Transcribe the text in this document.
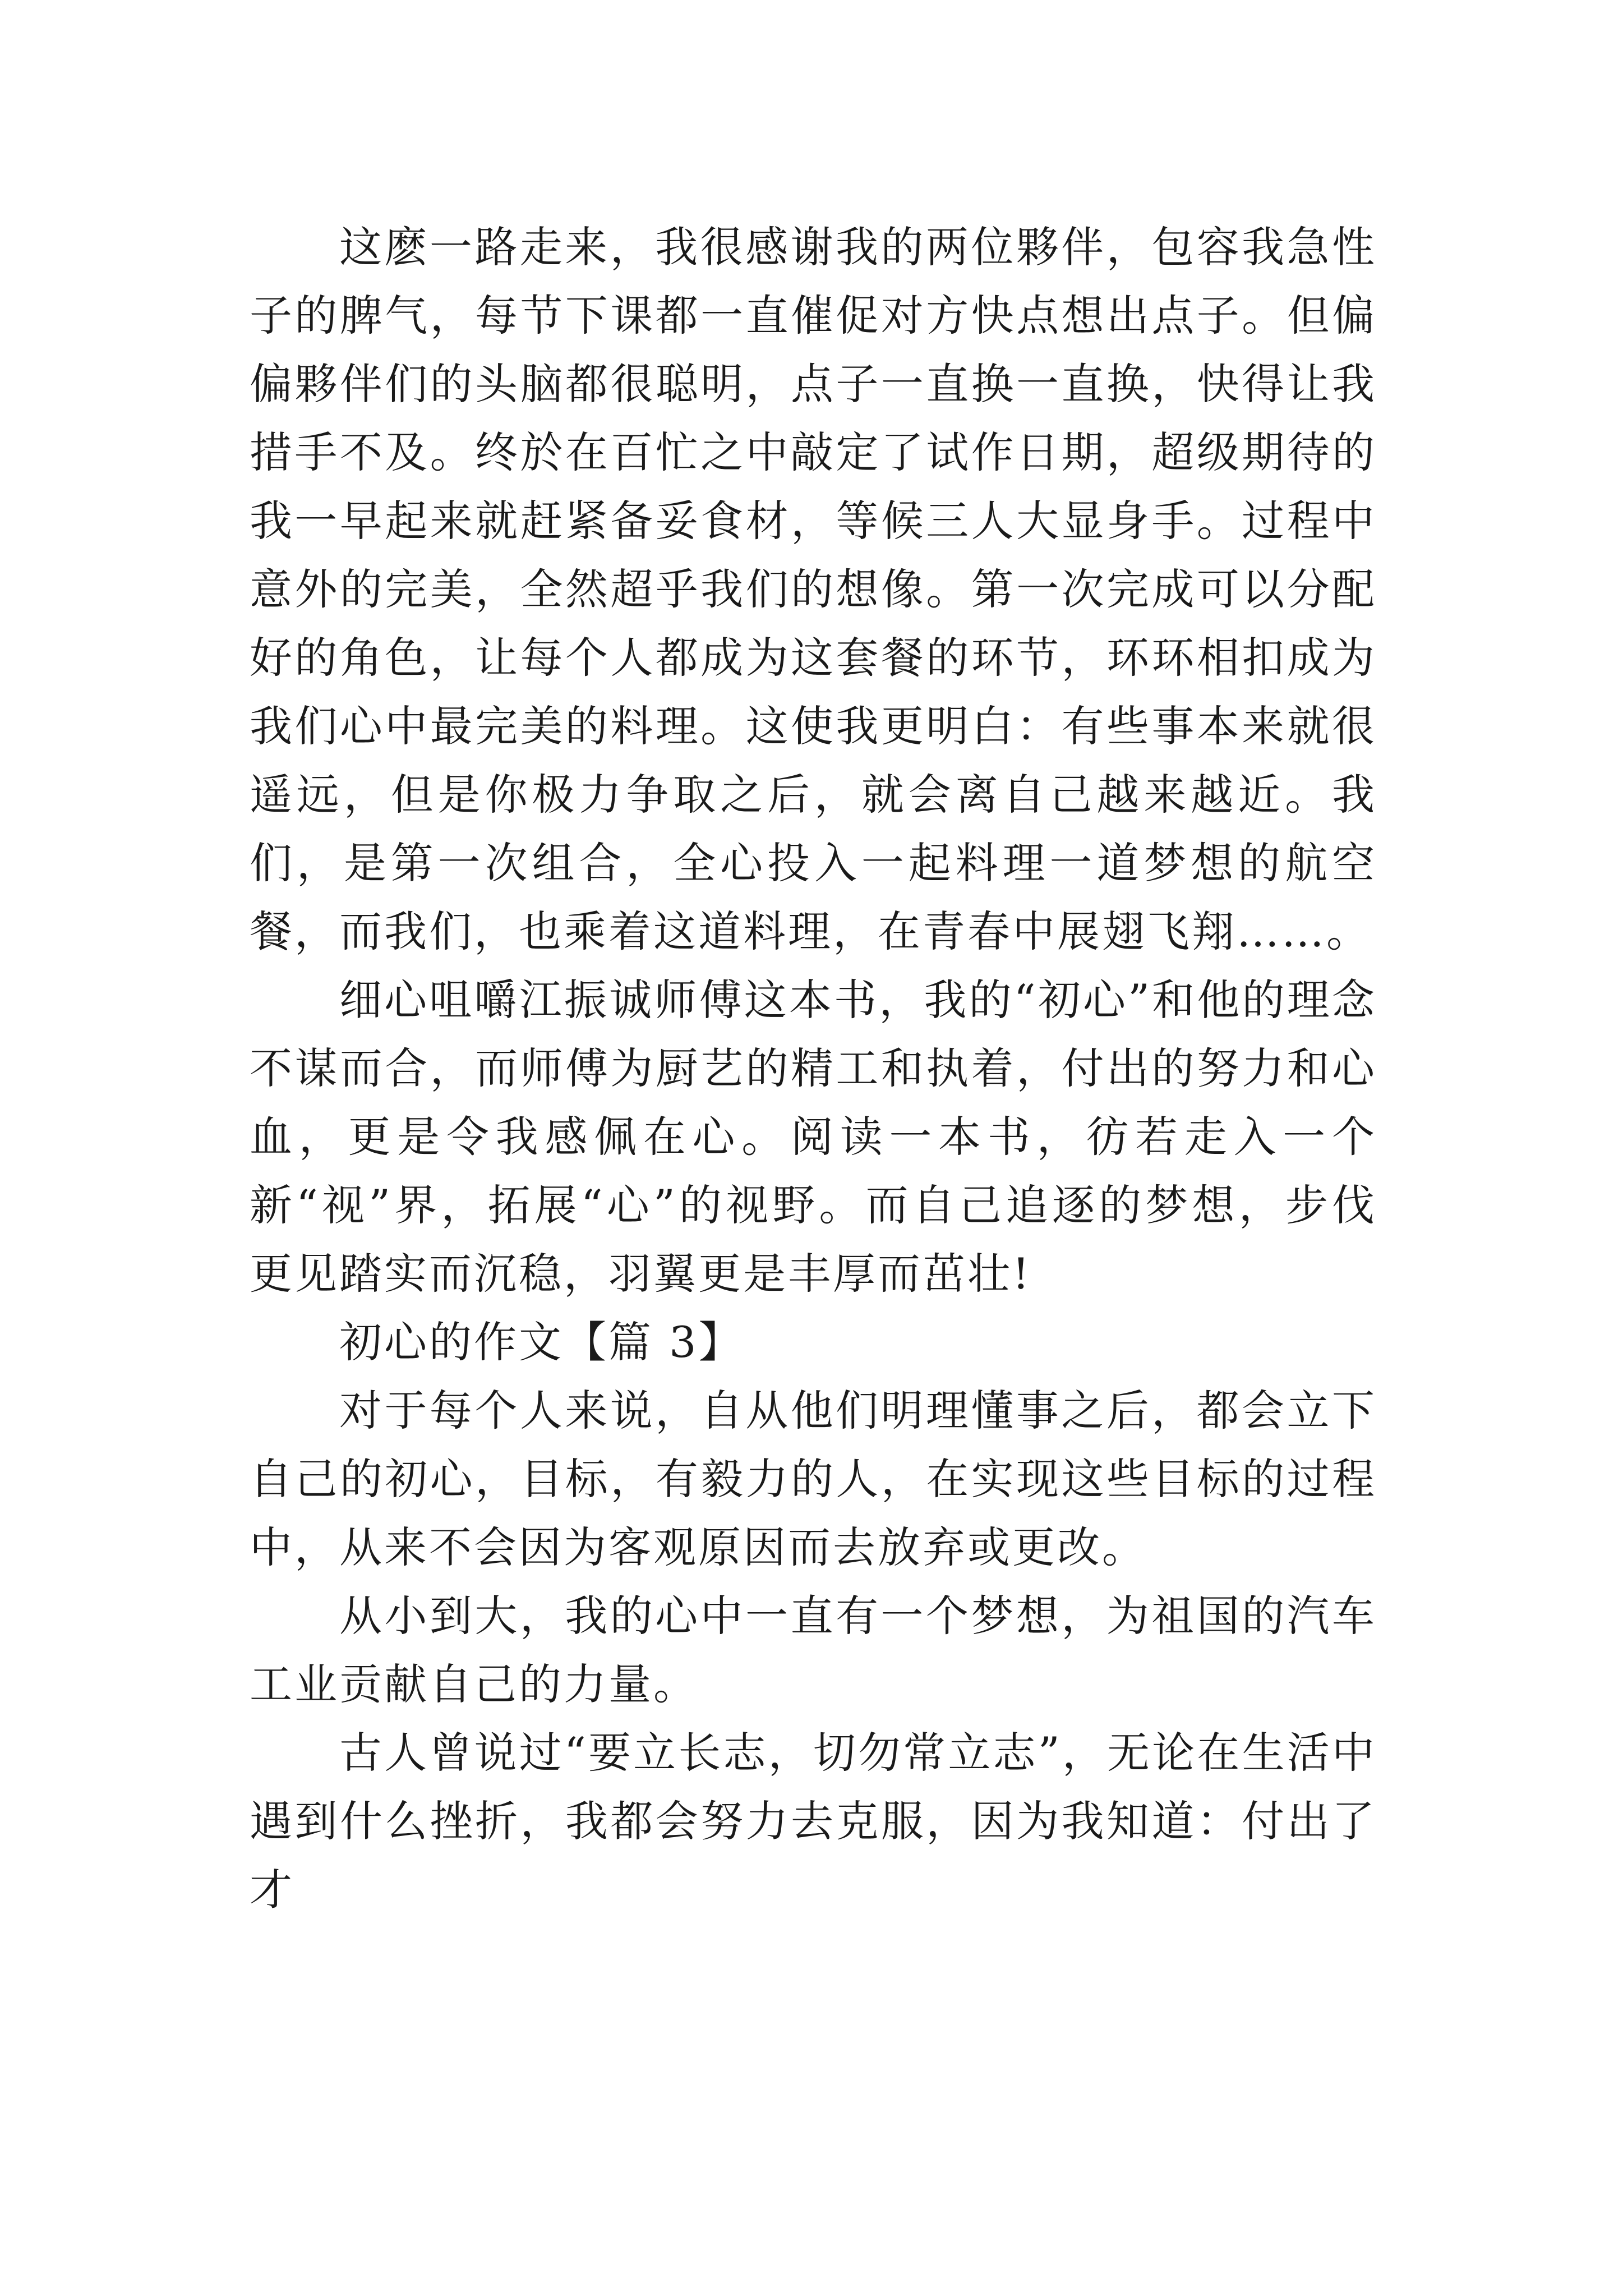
这麽一路走来，我很感谢我的两位夥伴，包容我急性子的脾气，每节下课都一直催促对方快点想出点子。但偏偏夥伴们的头脑都很聪明，点子一直换一直换，快得让我措手不及。终於在百忙之中敲定了试作日期，超级期待的我一早起来就赶紧备妥食材，等候三人大显身手。过程中意外的完美，全然超乎我们的想像。第一次完成可以分配好的角色，让每个人都成为这套餐的环节，环环相扣成为我们心中最完美的料理。这使我更明白：有些事本来就很遥远，但是你极力争取之后，就会离自己越来越近。我们，是第一次组合，全心投入一起料理一道梦想的航空餐，而我们，也乘着这道料理，在青春中展翅飞翔……。

细心咀嚼江振诚师傅这本书，我的“初心”和他的理念不谋而合，而师傅为厨艺的精工和执着，付出的努力和心血，更是令我感佩在心。阅读一本书，彷若走入一个新“视”界，拓展“心”的视野。而自己追逐的梦想，步伐更见踏实而沉稳，羽翼更是丰厚而茁壮!

初心的作文【篇 3】

对于每个人来说，自从他们明理懂事之后，都会立下自己的初心，目标，有毅力的人，在实现这些目标的过程中，从来不会因为客观原因而去放弃或更改。

从小到大，我的心中一直有一个梦想，为祖国的汽车工业贡献自己的力量。

古人曾说过“要立长志，切勿常立志”，无论在生活中遇到什么挫折，我都会努力去克服，因为我知道：付出了才
